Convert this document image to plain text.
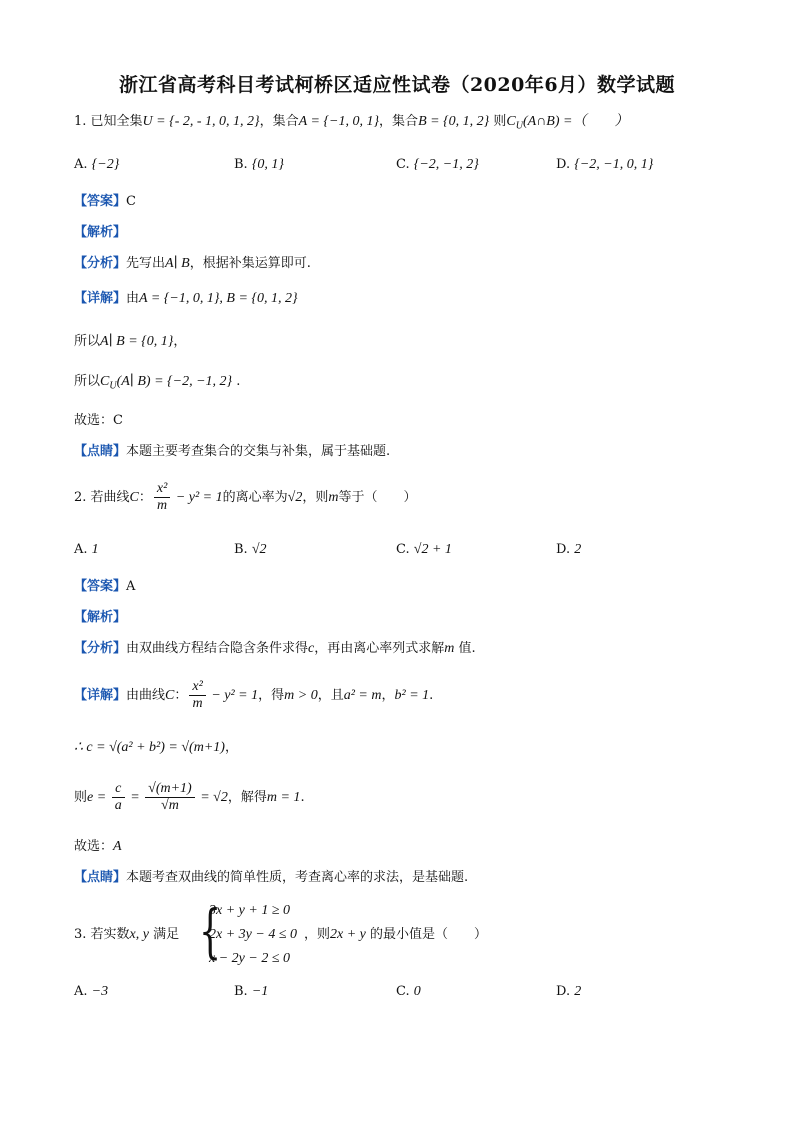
浙江省高考科目考试柯桥区适应性试卷（2020年6月）数学试题
1. 已知全集U = {- 2, - 1, 0, 1, 2}，集合A = {−1, 0, 1}，集合B = {0, 1, 2} 则$C_U(A\cap B)$ =（　　）
A. {−2}	B. {0, 1}	C. {−2, −1, 2}	D. {−2, −1, 0, 1}
【答案】C
【解析】
【分析】先写出A∣ B，根据补集运算即可.
【详解】由A = {−1, 0, 1}, B = {0, 1, 2}
所以A∣ B = {0, 1}，
所以$C_U(A∣$ B) = {−2, −1, 2} .
故选：C
【点睛】本题主要考查集合的交集与补集，属于基础题.
2. 若曲线C： $\frac{\text{x²}}{m} - y^2 = 1$的离心率为√2，则m等于（　　）
A. 1	B. √2	C. √2 + 1	D. 2
【答案】A
【解析】
【分析】由双曲线方程结合隐含条件求得c，再由离心率列式求解m 值.
【详解】由曲线C： $\frac{\text{x²}}{m} - y^2 = 1$，得m > 0，且a² = m，b² = 1.
∴ c = √(a² + b²) = √(m+1)，
则$e = \frac{c}{a} = \frac{√(m+1)}{√m} = √2$，解得m = 1.
故选：A
【点睛】本题考查双曲线的简单性质，考查离心率的求法，是基础题.
3. 若实数x, y 满足 {
3x + y + 1 ≥ 0
2x + 3y − 4 ≤ 0
x − 2y − 2 ≤ 0
，则2x + y 的最小值是（　　）
A. −3	B. −1	C. 0	D. 2
